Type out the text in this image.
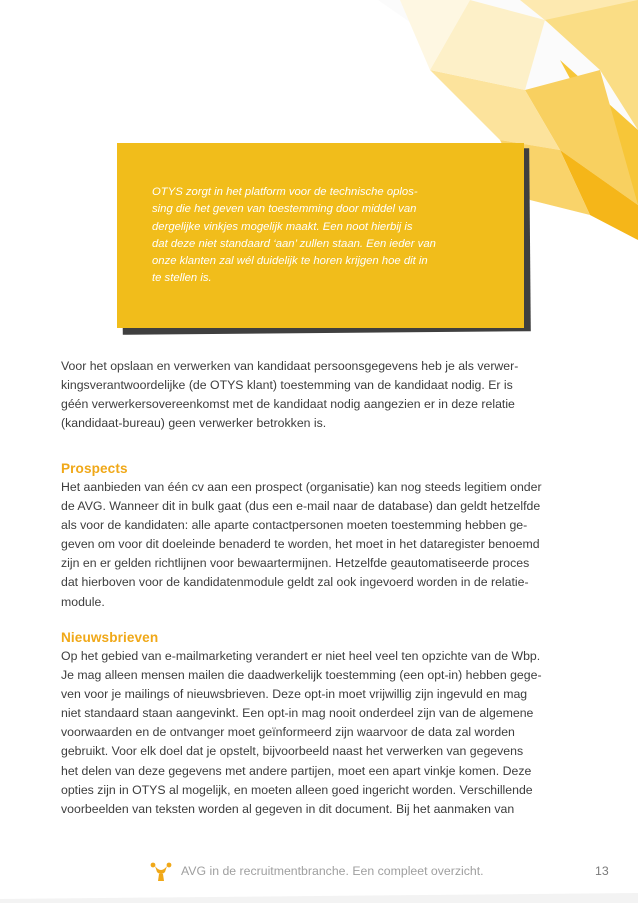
OTYS zorgt in het platform voor de technische oplos-
sing die het geven van toestemming door middel van
dergelijke vinkjes mogelijk maakt. Een noot hierbij is
dat deze niet standaard ‘aan’ zullen staan. Een ieder van
onze klanten zal wél duidelijk te horen krijgen hoe dit in
te stellen is.

Voor het opslaan en verwerken van kandidaat persoonsgegevens heb je als verwer-
kingsverantwoordelijke (de OTYS klant) toestemming van de kandidaat nodig. Er is
géén verwerkersovereenkomst met de kandidaat nodig aangezien er in deze relatie
(kandidaat-bureau) geen verwerker betrokken is.

Prospects

Het aanbieden van één cv aan een prospect (organisatie) kan nog steeds legitiem onder
de AVG. Wanneer dit in bulk gaat (dus een e-mail naar de database) dan geldt hetzelfde
als voor de kandidaten: alle aparte contactpersonen moeten toestemming hebben ge-
geven om voor dit doeleinde benaderd te worden, het moet in het dataregister benoemd
zijn en er gelden richtlijnen voor bewaartermijnen. Hetzelfde geautomatiseerde proces
dat hierboven voor de kandidatenmodule geldt zal ook ingevoerd worden in de relatie-
module.

Nieuwsbrieven

Op het gebied van e-mailmarketing verandert er niet heel veel ten opzichte van de Wbp.
Je mag alleen mensen mailen die daadwerkelijk toestemming (een opt-in) hebben gege-
ven voor je mailings of nieuwsbrieven. Deze opt-in moet vrijwillig zijn ingevuld en mag
niet standaard staan aangevinkt. Een opt-in mag nooit onderdeel zijn van de algemene
voorwaarden en de ontvanger moet geïnformeerd zijn waarvoor de data zal worden
gebruikt. Voor elk doel dat je opstelt, bijvoorbeeld naast het verwerken van gegevens
het delen van deze gegevens met andere partijen, moet een apart vinkje komen. Deze
opties zijn in OTYS al mogelijk, en moeten alleen goed ingericht worden. Verschillende
voorbeelden van teksten worden al gegeven in dit document. Bij het aanmaken van

AVG in de recruitmentbranche. Een compleet overzicht.	13
